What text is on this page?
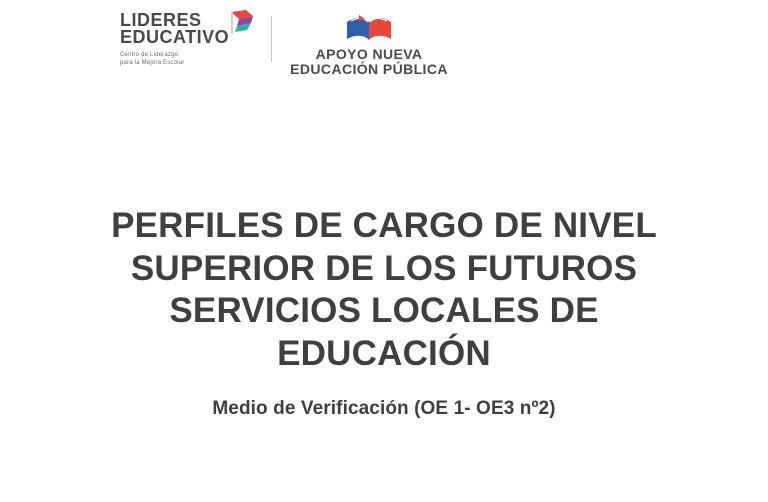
LIDERES
EDUCATIVO
Centro de Liderazgo
para la Mejora Escolar
APOYO NUEVA
EDUCACIÓN PÚBLICA
PERFILES DE CARGO DE NIVEL SUPERIOR DE LOS FUTUROS SERVICIOS LOCALES DE EDUCACIÓN

Medio de Verificación (OE 1- OE3 nº2)
